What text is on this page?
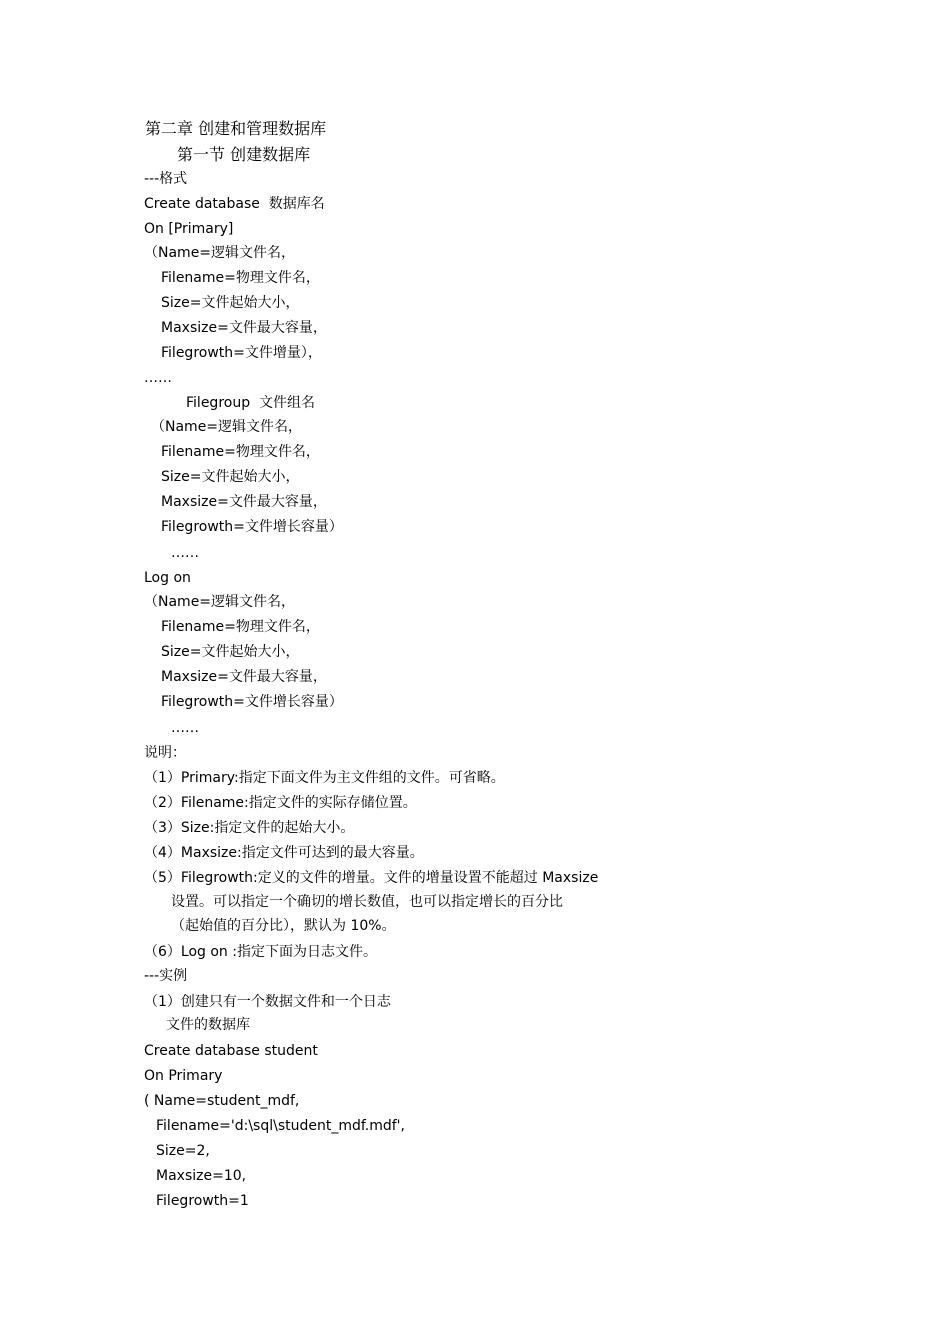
第二章 创建和管理数据库
第一节 创建数据库
---格式
Create database  数据库名
On [Primary]
（Name=逻辑文件名，
Filename=物理文件名，
Size=文件起始大小，
Maxsize=文件最大容量，
Filegrowth=文件增量），
……
Filegroup  文件组名
（Name=逻辑文件名，
Filename=物理文件名，
Size=文件起始大小，
Maxsize=文件最大容量，
Filegrowth=文件增长容量）
……
Log on
（Name=逻辑文件名，
Filename=物理文件名，
Size=文件起始大小，
Maxsize=文件最大容量，
Filegrowth=文件增长容量）
……
说明：
（1）Primary:指定下面文件为主文件组的文件。可省略。
（2）Filename:指定文件的实际存储位置。
（3）Size:指定文件的起始大小。
（4）Maxsize:指定文件可达到的最大容量。
（5）Filegrowth:定义的文件的增量。文件的增量设置不能超过 Maxsize
设置。可以指定一个确切的增长数值，也可以指定增长的百分比
（起始值的百分比），默认为 10%。
（6）Log on :指定下面为日志文件。
---实例
（1）创建只有一个数据文件和一个日志
文件的数据库
Create database student
On Primary
( Name=student_mdf,
Filename='d:\sql\student_mdf.mdf',
Size=2,
Maxsize=10,
Filegrowth=1
